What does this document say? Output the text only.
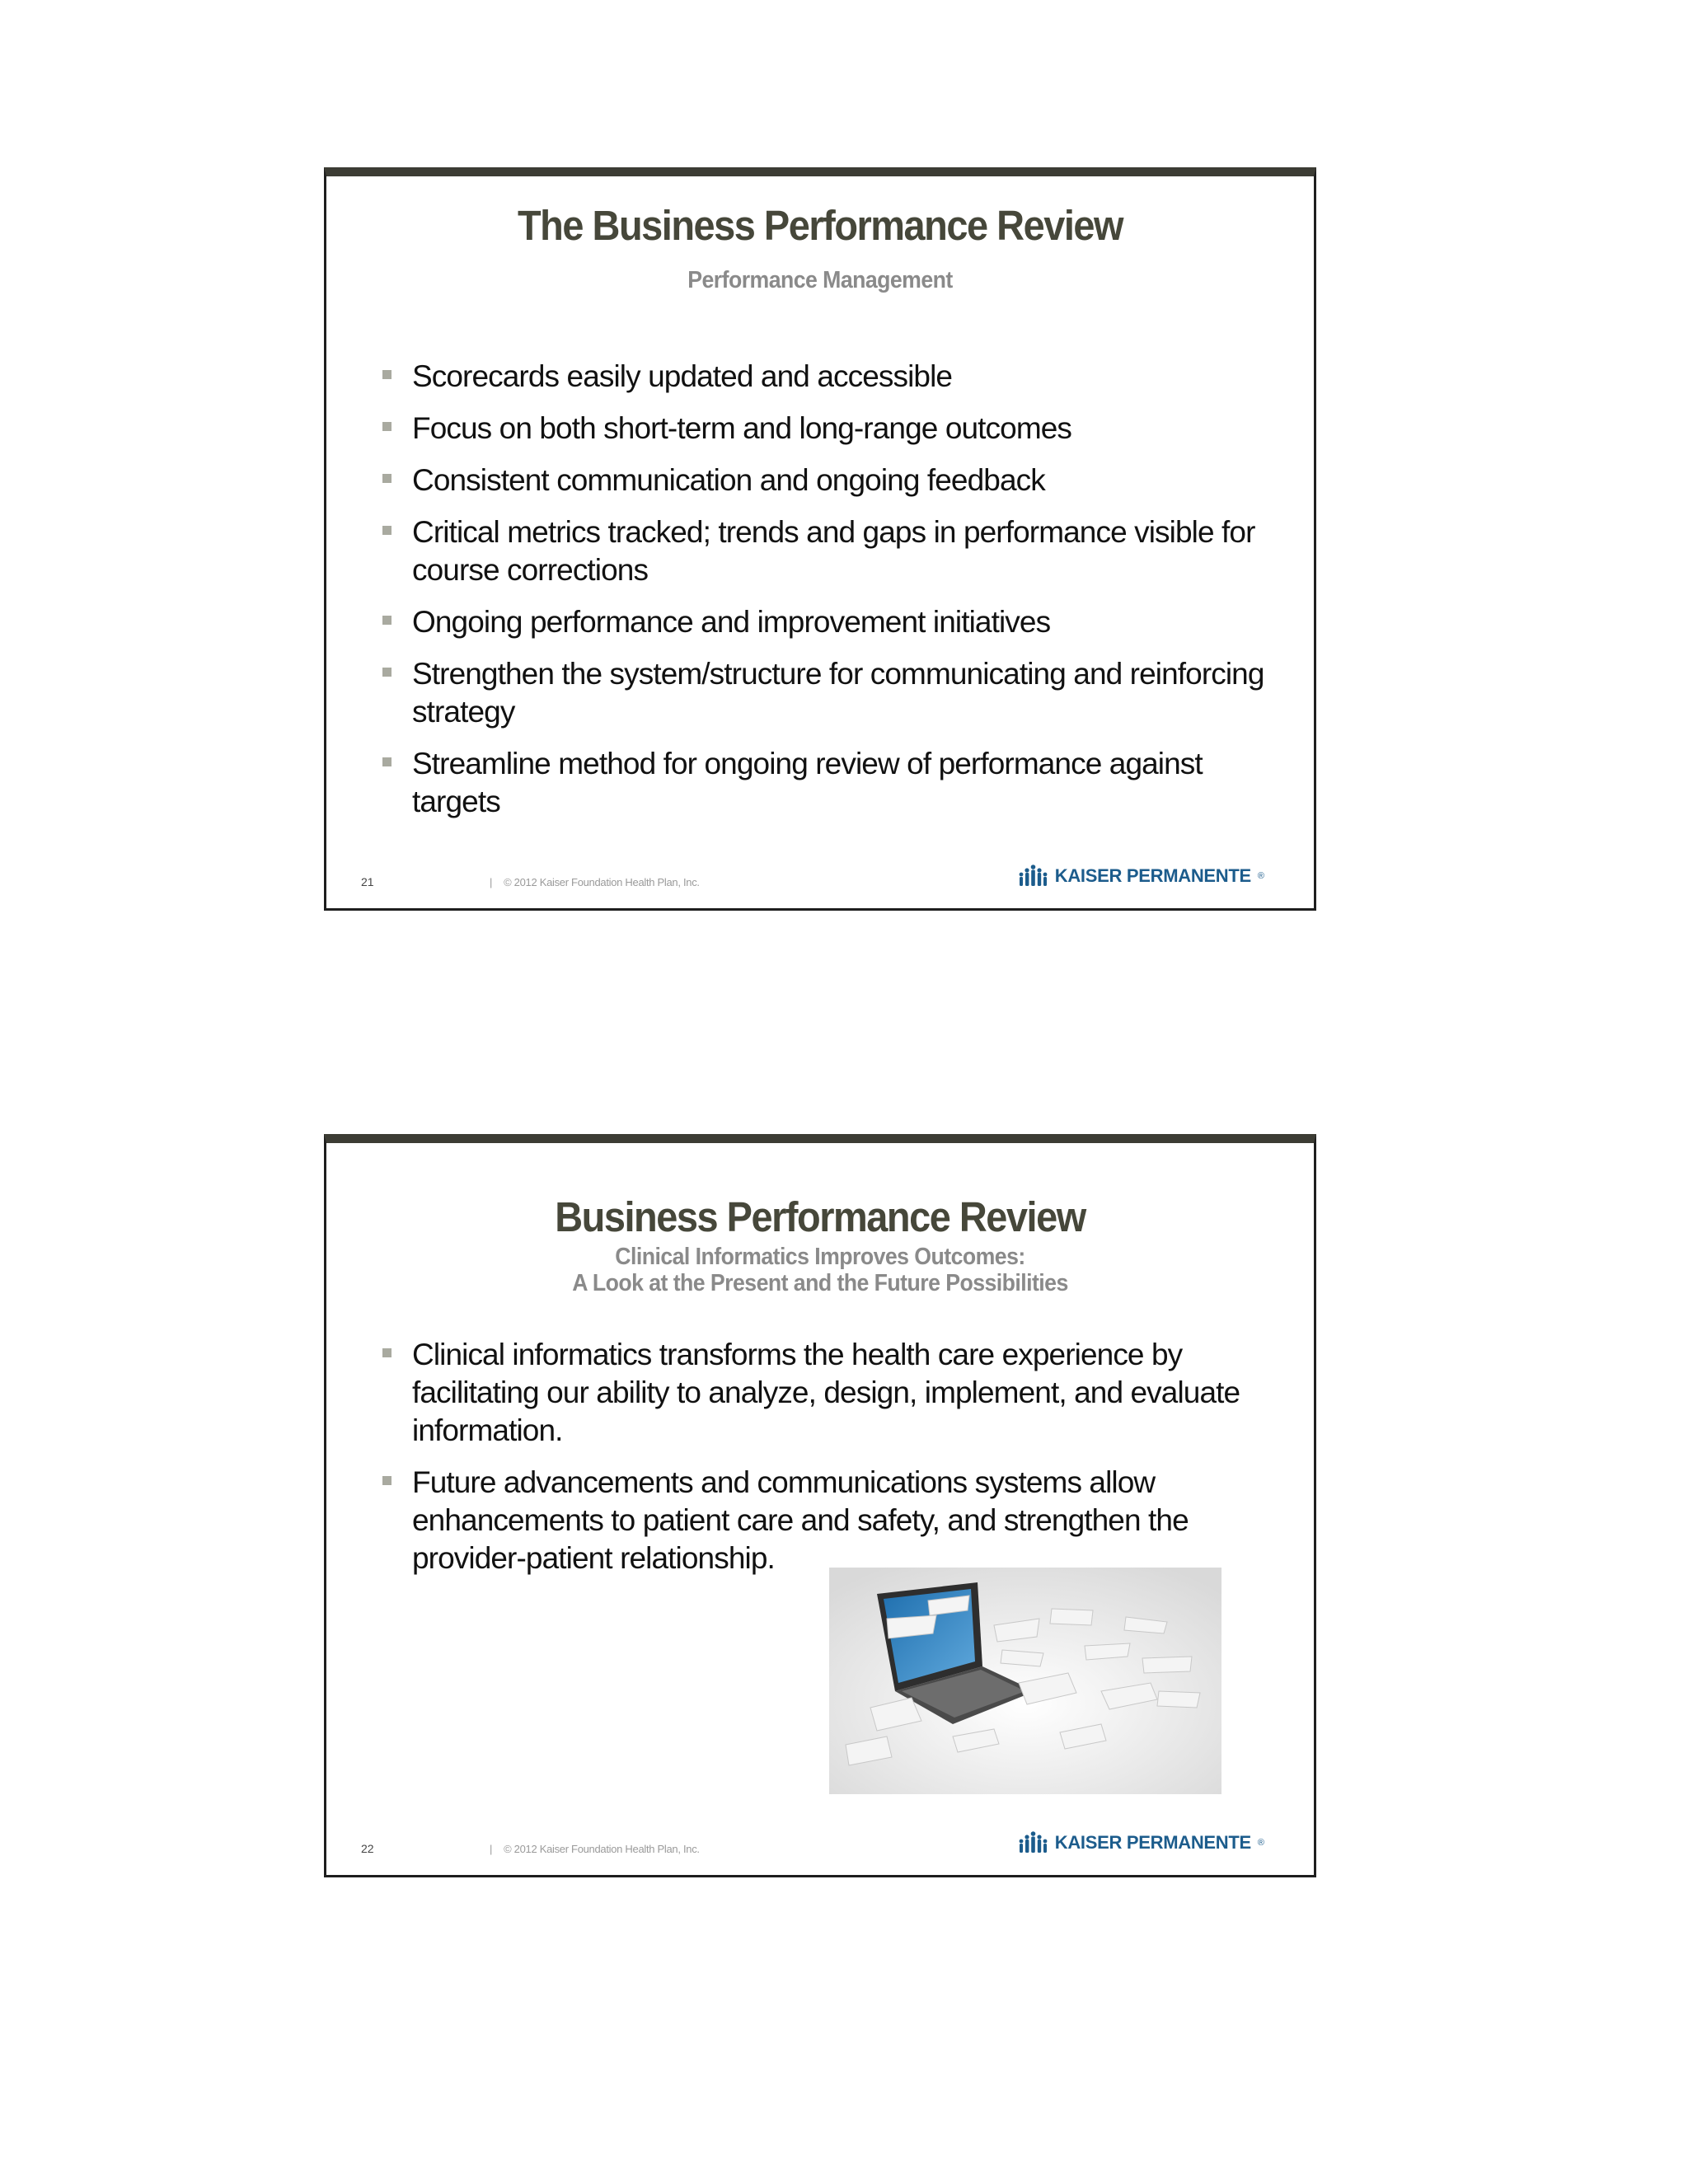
The Business Performance Review
Performance Management
Scorecards easily updated and accessible
Focus on both short-term and long-range outcomes
Consistent communication and ongoing feedback
Critical metrics tracked; trends and gaps in performance visible for course corrections
Ongoing performance and improvement initiatives
Strengthen the system/structure for communicating and reinforcing strategy
Streamline method for ongoing review of performance against targets
21	| © 2012 Kaiser Foundation Health Plan, Inc.	KAISER PERMANENTE ®
Business Performance Review
Clinical Informatics Improves Outcomes:
A Look at the Present and the Future Possibilities
Clinical informatics transforms the health care experience by facilitating our ability to analyze, design, implement, and evaluate information.
Future advancements and communications systems allow enhancements to patient care and safety, and strengthen the provider-patient relationship.
22	| © 2012 Kaiser Foundation Health Plan, Inc.	KAISER PERMANENTE ®
